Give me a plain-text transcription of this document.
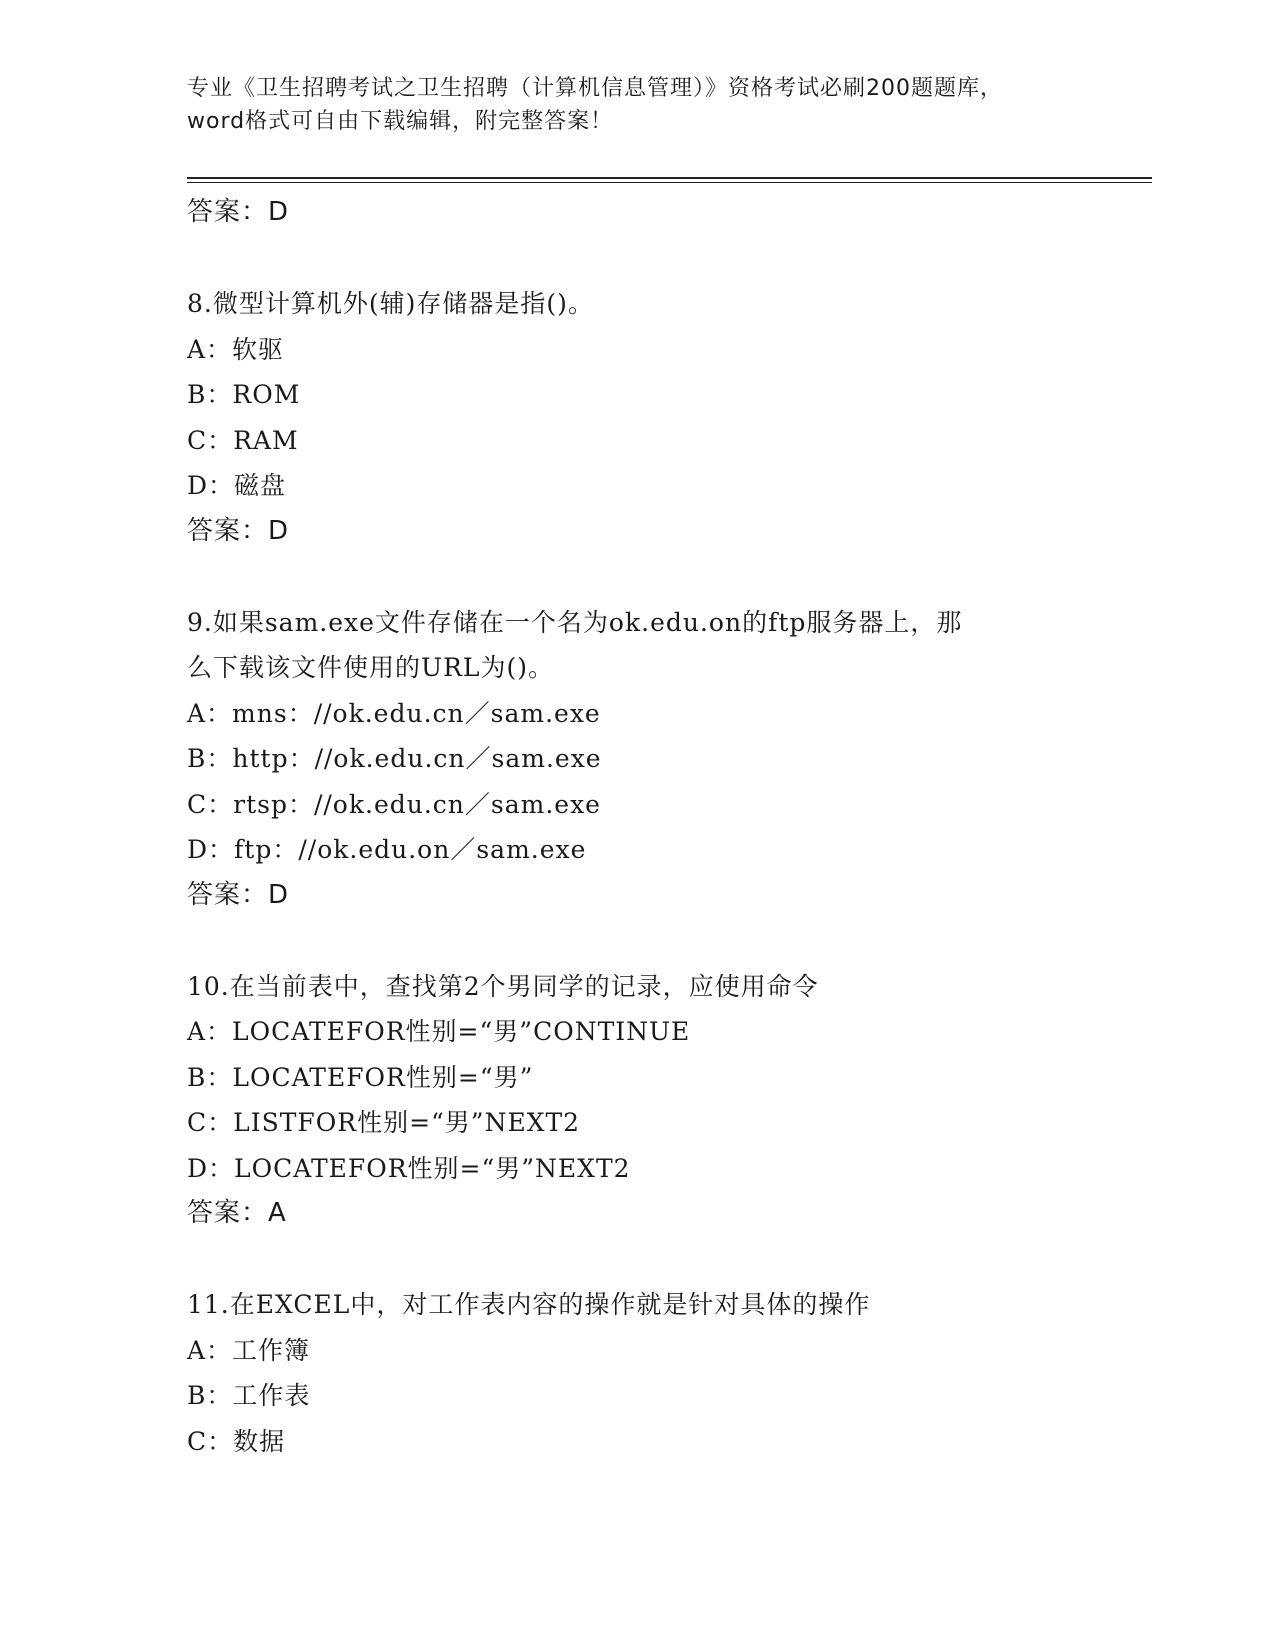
专业《卫生招聘考试之卫生招聘（计算机信息管理）》资格考试必刷200题题库，
word格式可自由下载编辑，附完整答案！
答案：D
8.微型计算机外(辅)存储器是指()。
A：软驱
B：ROM
C：RAM
D：磁盘
答案：D
9.如果sam.exe文件存储在一个名为ok.edu.on的ftp服务器上，那
么下载该文件使用的URL为()。
A：mns：//ok.edu.cn／sam.exe
B：http：//ok.edu.cn／sam.exe
C：rtsp：//ok.edu.cn／sam.exe
D：ftp：//ok.edu.on／sam.exe
答案：D
10.在当前表中，查找第2个男同学的记录，应使用命令
A：LOCATEFOR性别=“男”CONTINUE
B：LOCATEFOR性别=“男”
C：LISTFOR性别=“男”NEXT2
D：LOCATEFOR性别=“男”NEXT2
答案：A
11.在EXCEL中，对工作表内容的操作就是针对具体的操作
A：工作簿
B：工作表
C：数据
